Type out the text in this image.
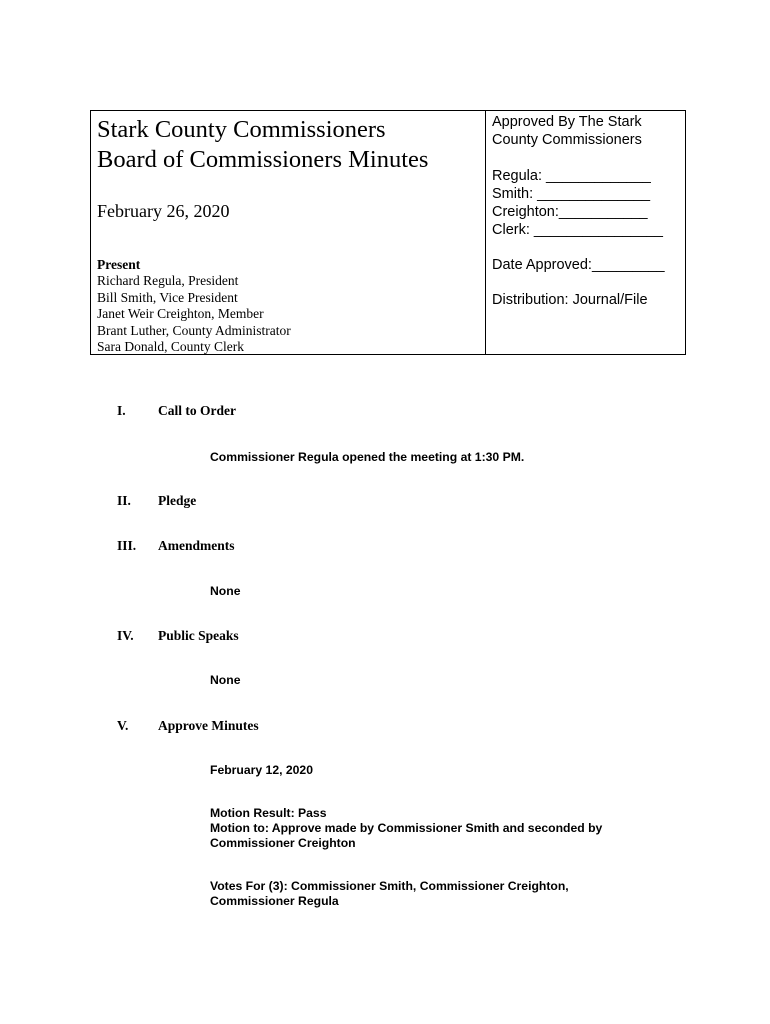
Stark County Commissioners
Board of Commissioners Minutes
February 26, 2020
Present
Richard Regula, President
Bill Smith, Vice President
Janet Weir Creighton, Member
Brant Luther, County Administrator
Sara Donald, County Clerk
Approved By The Stark
County Commissioners
Regula: _____________
Smith: ______________
Creighton:___________
Clerk: ________________
Date Approved:_________
Distribution: Journal/File
I. Call to Order
Commissioner Regula opened the meeting at 1:30 PM.
II. Pledge
III. Amendments
None
IV. Public Speaks
None
V. Approve Minutes
February 12, 2020
Motion Result: Pass
Motion to: Approve made by Commissioner Smith and seconded by
Commissioner Creighton
Votes For (3): Commissioner Smith, Commissioner Creighton,
Commissioner Regula
